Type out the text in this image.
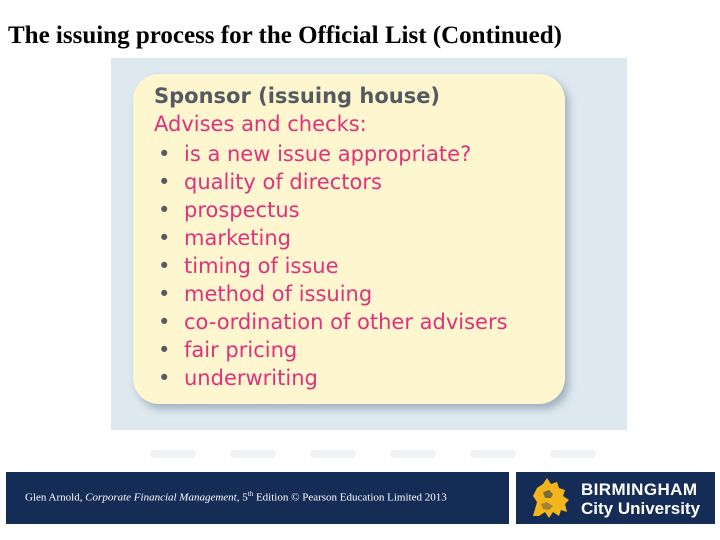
The issuing process for the Official List (Continued)
Sponsor (issuing house)
Advises and checks:
• is a new issue appropriate?
• quality of directors
• prospectus
• marketing
• timing of issue
• method of issuing
• co-ordination of other advisers
• fair pricing
• underwriting
Glen Arnold, Corporate Financial Management, 5th Edition © Pearson Education Limited 2013	BIRMINGHAM
City University
